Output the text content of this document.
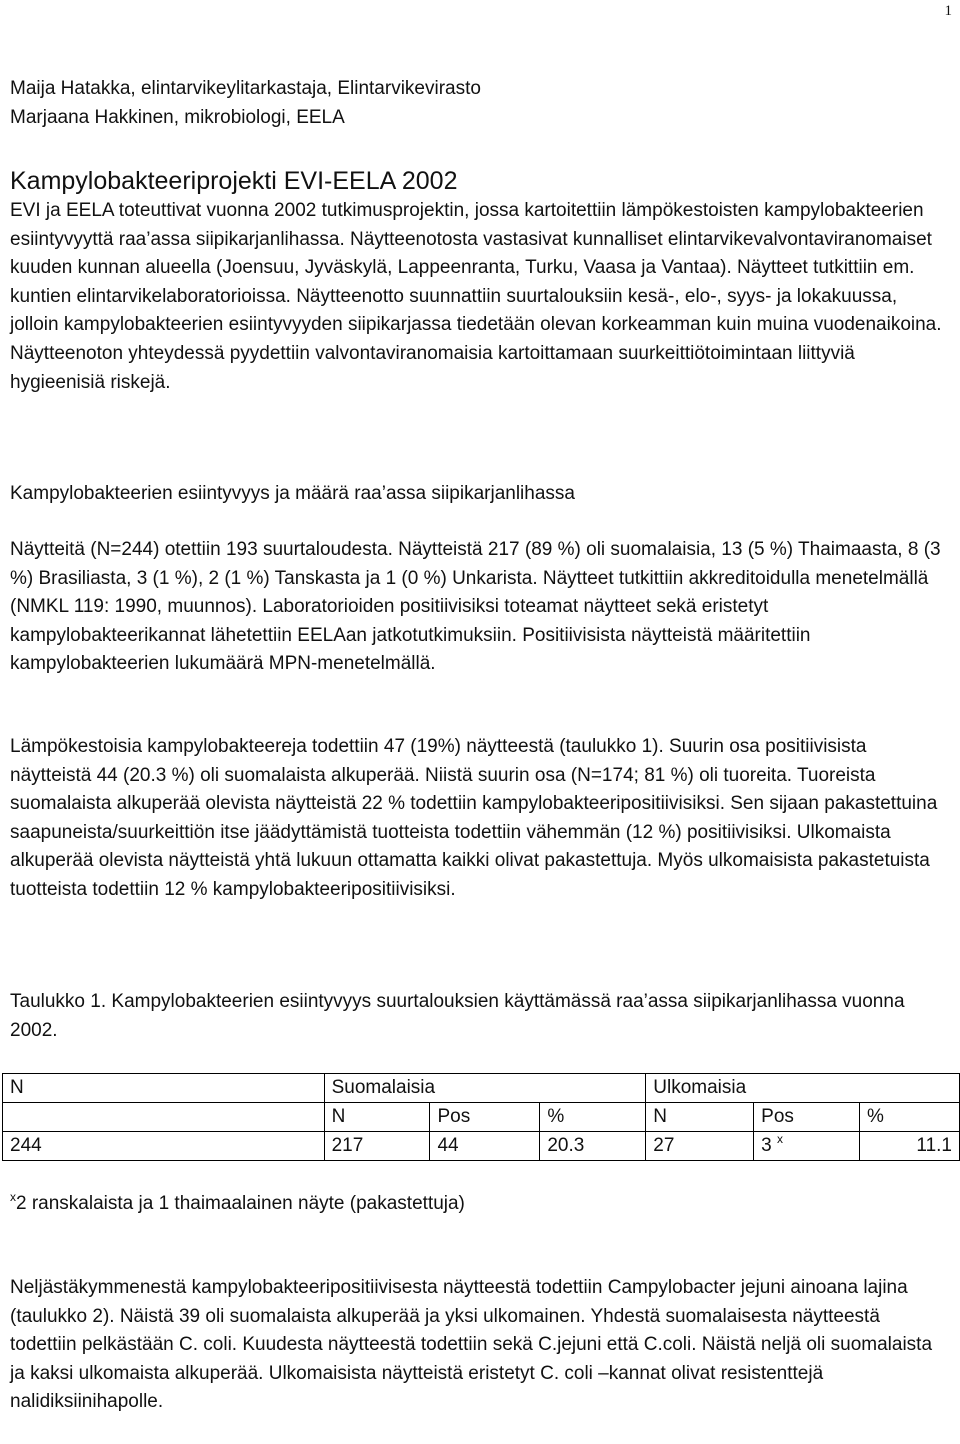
1

Maija Hatakka, elintarvikeylitarkastaja, Elintarvikevirasto

Marjaana Hakkinen, mikrobiologi, EELA

Kampylobakteeriprojekti EVI-EELA 2002

EVI ja EELA toteuttivat vuonna 2002 tutkimusprojektin, jossa kartoitettiin lämpökestoisten kampylobakteerien esiintyvyyttä raa’assa siipikarjanlihassa. Näytteenotosta vastasivat kunnalliset elintarvikevalvontaviranomaiset kuuden kunnan alueella (Joensuu, Jyväskylä, Lappeenranta, Turku, Vaasa ja Vantaa). Näytteet tutkittiin em. kuntien elintarvikelaboratorioissa. Näytteenotto suunnattiin suurtalouksiin kesä-, elo-, syys- ja lokakuussa, jolloin kampylobakteerien esiintyvyyden siipikarjassa tiedetään olevan korkeamman kuin muina vuodenaikoina. Näytteenoton yhteydessä pyydettiin valvontaviranomaisia kartoittamaan suurkeittiötoimintaan liittyviä hygieenisiä riskejä.

Kampylobakteerien esiintyvyys ja määrä raa’assa siipikarjanlihassa
Näytteitä (N=244) otettiin 193 suurtaloudesta. Näytteistä 217 (89 %) oli suomalaisia, 13 (5 %) Thaimaasta, 8 (3 %) Brasiliasta, 3 (1 %), 2 (1 %) Tanskasta ja 1 (0 %) Unkarista. Näytteet tutkittiin akkreditoidulla menetelmällä (NMKL 119: 1990, muunnos). Laboratorioiden positiivisiksi toteamat näytteet sekä eristetyt kampylobakteerikannat lähetettiin EELAan jatkotutkimuksiin. Positiivisista näytteistä määritettiin kampylobakteerien lukumäärä MPN-menetelmällä.
Lämpökestoisia kampylobakteereja todettiin 47 (19%) näytteestä (taulukko 1). Suurin osa positiivisista näytteistä 44 (20.3 %) oli suomalaista alkuperää. Niistä suurin osa (N=174; 81 %) oli tuoreita. Tuoreista suomalaista alkuperää olevista näytteistä 22 % todettiin kampylobakteeripositiivisiksi. Sen sijaan pakastettuina saapuneista/suurkeittiön itse jäädyttämistä tuotteista todettiin vähemmän (12 %) positiivisiksi. Ulkomaista alkuperää olevista näytteistä yhtä lukuun ottamatta kaikki olivat pakastettuja. Myös ulkomaisista pakastetuista tuotteista todettiin 12 % kampylobakteeripositiivisiksi.
Taulukko 1. Kampylobakteerien esiintyvyys suurtalouksien käyttämässä raa’assa siipikarjanlihassa vuonna 2002.
N	Suomalaisia			Ulkomaisia		
	N	Pos	%	N	Pos	%
244	217	44	20.3	27	3 $^x$	11.1
$^x$2 ranskalaista ja 1 thaimaalainen näyte (pakastettuja)
Neljästäkymmenestä kampylobakteeripositiivisesta näytteestä todettiin Campylobacter jejuni ainoana lajina (taulukko 2). Näistä 39 oli suomalaista alkuperää ja yksi ulkomainen. Yhdestä suomalaisesta näytteestä todettiin pelkästään C. coli. Kuudesta näytteestä todettiin sekä C.jejuni että C.coli. Näistä neljä oli suomalaista ja kaksi ulkomaista alkuperää. Ulkomaisista näytteistä eristetyt C. coli –kannat olivat resistenttejä nalidiksiinihapolle.
